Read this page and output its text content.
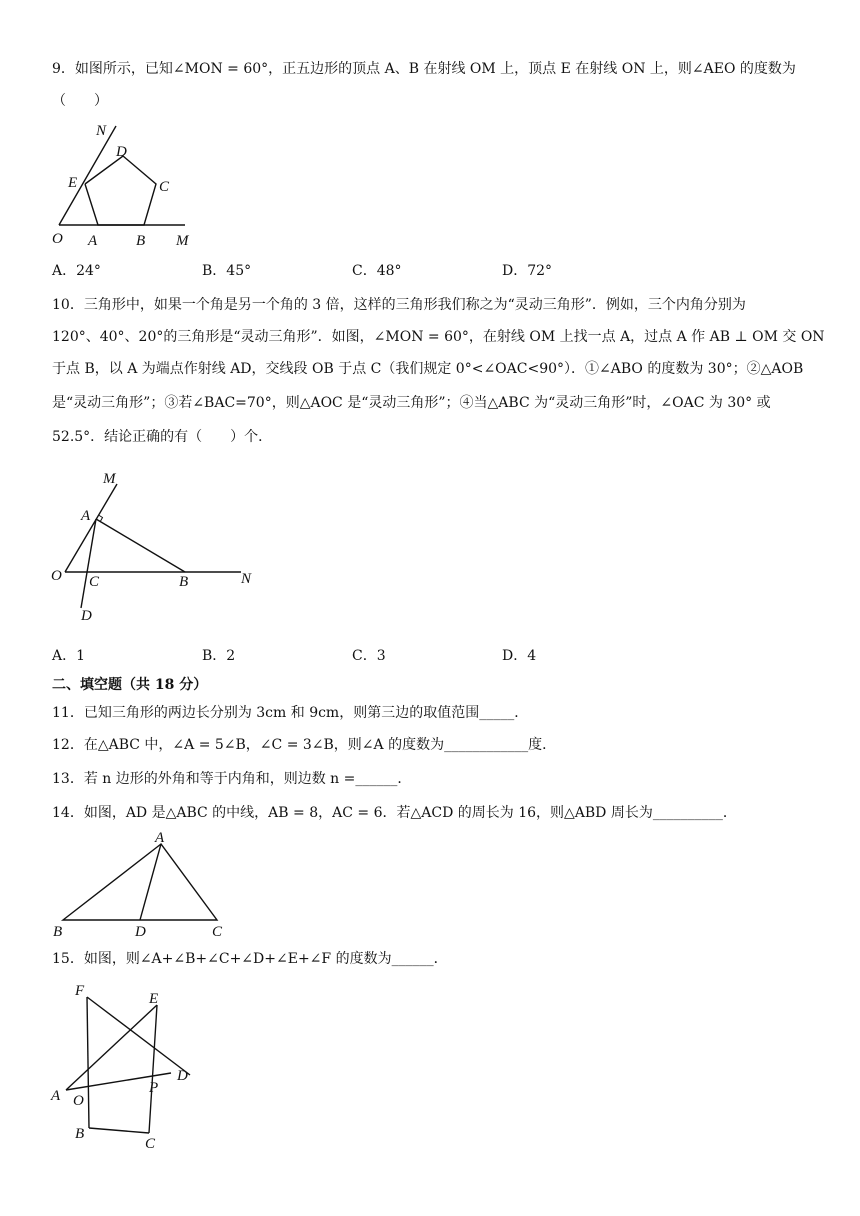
9．如图所示，已知∠MON = 60°，正五边形的顶点 A、B 在射线 OM 上，顶点 E 在射线 ON 上，则∠AEO 的度数为
（　　）
N
D
E	C
O A	B M
A．24°	B．45°	C．48°	D．72°
10．三角形中，如果一个角是另一个角的 3 倍，这样的三角形我们称之为“灵动三角形”．例如，三个内角分别为
120°、40°、20°的三角形是“灵动三角形”．如图，∠MON = 60°，在射线 OM 上找一点 A，过点 A 作 AB ⊥ OM 交 ON
于点 B，以 A 为端点作射线 AD，交线段 OB 于点 C（我们规定 0°<∠OAC<90°）．①∠ABO 的度数为 30°；②△AOB
是“灵动三角形”；③若∠BAC=70°，则△AOC 是“灵动三角形”；④当△ABC 为“灵动三角形”时，∠OAC 为 30° 或
52.5°．结论正确的有（　　）个．
M
A
O C	B	N
D
A．1	B．2	C．3	D．4
二、填空题（共 18 分）
11．已知三角形的两边长分别为 3cm 和 9cm，则第三边的取值范围_____．
12．在△ABC 中，∠A = 5∠B，∠C = 3∠B，则∠A 的度数为____________度．
13．若 n 边形的外角和等于内角和，则边数 n =______．
14．如图，AD 是△ABC 的中线，AB = 8，AC = 6．若△ACD 的周长为 16，则△ABD 周长为__________．
A
B	D	C
15．如图，则∠A+∠B+∠C+∠D+∠E+∠F 的度数为______．
F	E
D
A O
P
B
C
